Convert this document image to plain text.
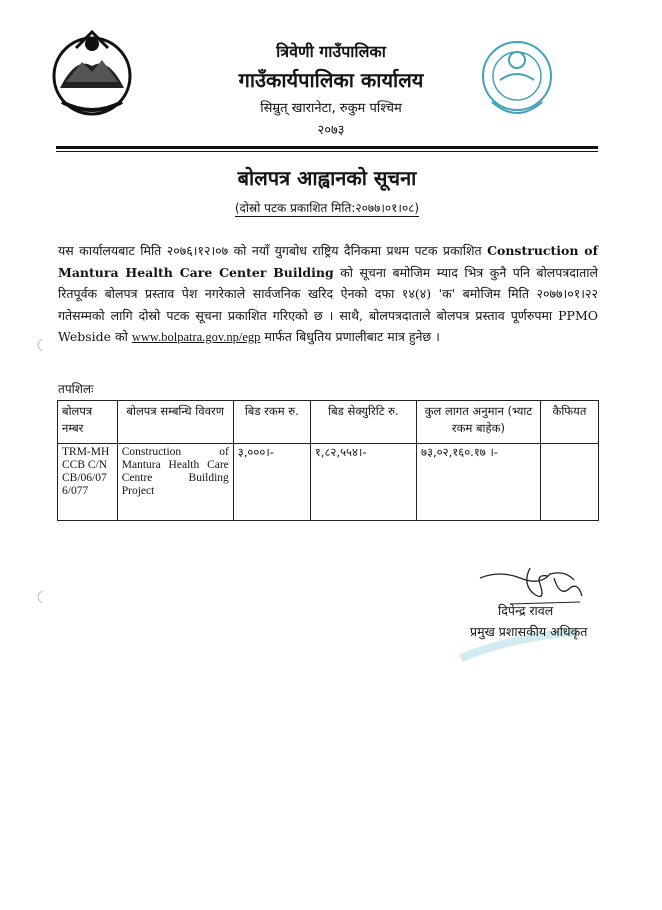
त्रिवेणी गाउँपालिका
गाउँकार्यपालिका कार्यालय
सिम्रुत् खारानेटा, रुकुम पश्चिम
२०७३
बोलपत्र आह्वानको सूचना
(दोस्रो पटक प्रकाशित मिति:२०७७।०१।०८)
यस कार्यालयबाट मिति २०७६।१२।०७ को नयाँ युगबोध राष्ट्रिय दैनिकमा प्रथम पटक प्रकाशित Construction of Mantura Health Care Center Building को सूचना बमोजिम म्याद भित्र कुनै पनि बोलपत्रदाताले रितपूर्वक बोलपत्र प्रस्ताव पेश नगरेकाले सार्वजनिक खरिद ऐनको दफा १४(४) 'क' बमोजिम मिति २०७७।०१।२२ गतेसम्मको लागि दोस्रो पटक सूचना प्रकाशित गरिएको छ । साथै, बोलपत्रदाताले बोलपत्र प्रस्ताव पूर्णरुपमा PPMO Webside को www.bolpatra.gov.np/egp मार्फत बिधुतिय प्रणालीबाट मात्र हुनेछ ।
तपशिलः
बोलपत्र नम्बर	बोलपत्र सम्बन्धि विवरण	बिड रकम रु.	बिड सेक्युरिटि रु.	कुल लागत अनुमान (भ्याट रकम बाहेक)	कैफियत
TRM-MHCCB C/NCB/06/076/077	Construction of Mantura Health Care Centre Building Project	३,०००।-	१,८२,५५४।-	७३,०२,१६०.१७ ।-	
दिपेन्द्र रावल
प्रमुख प्रशासकीय अधिकृत
